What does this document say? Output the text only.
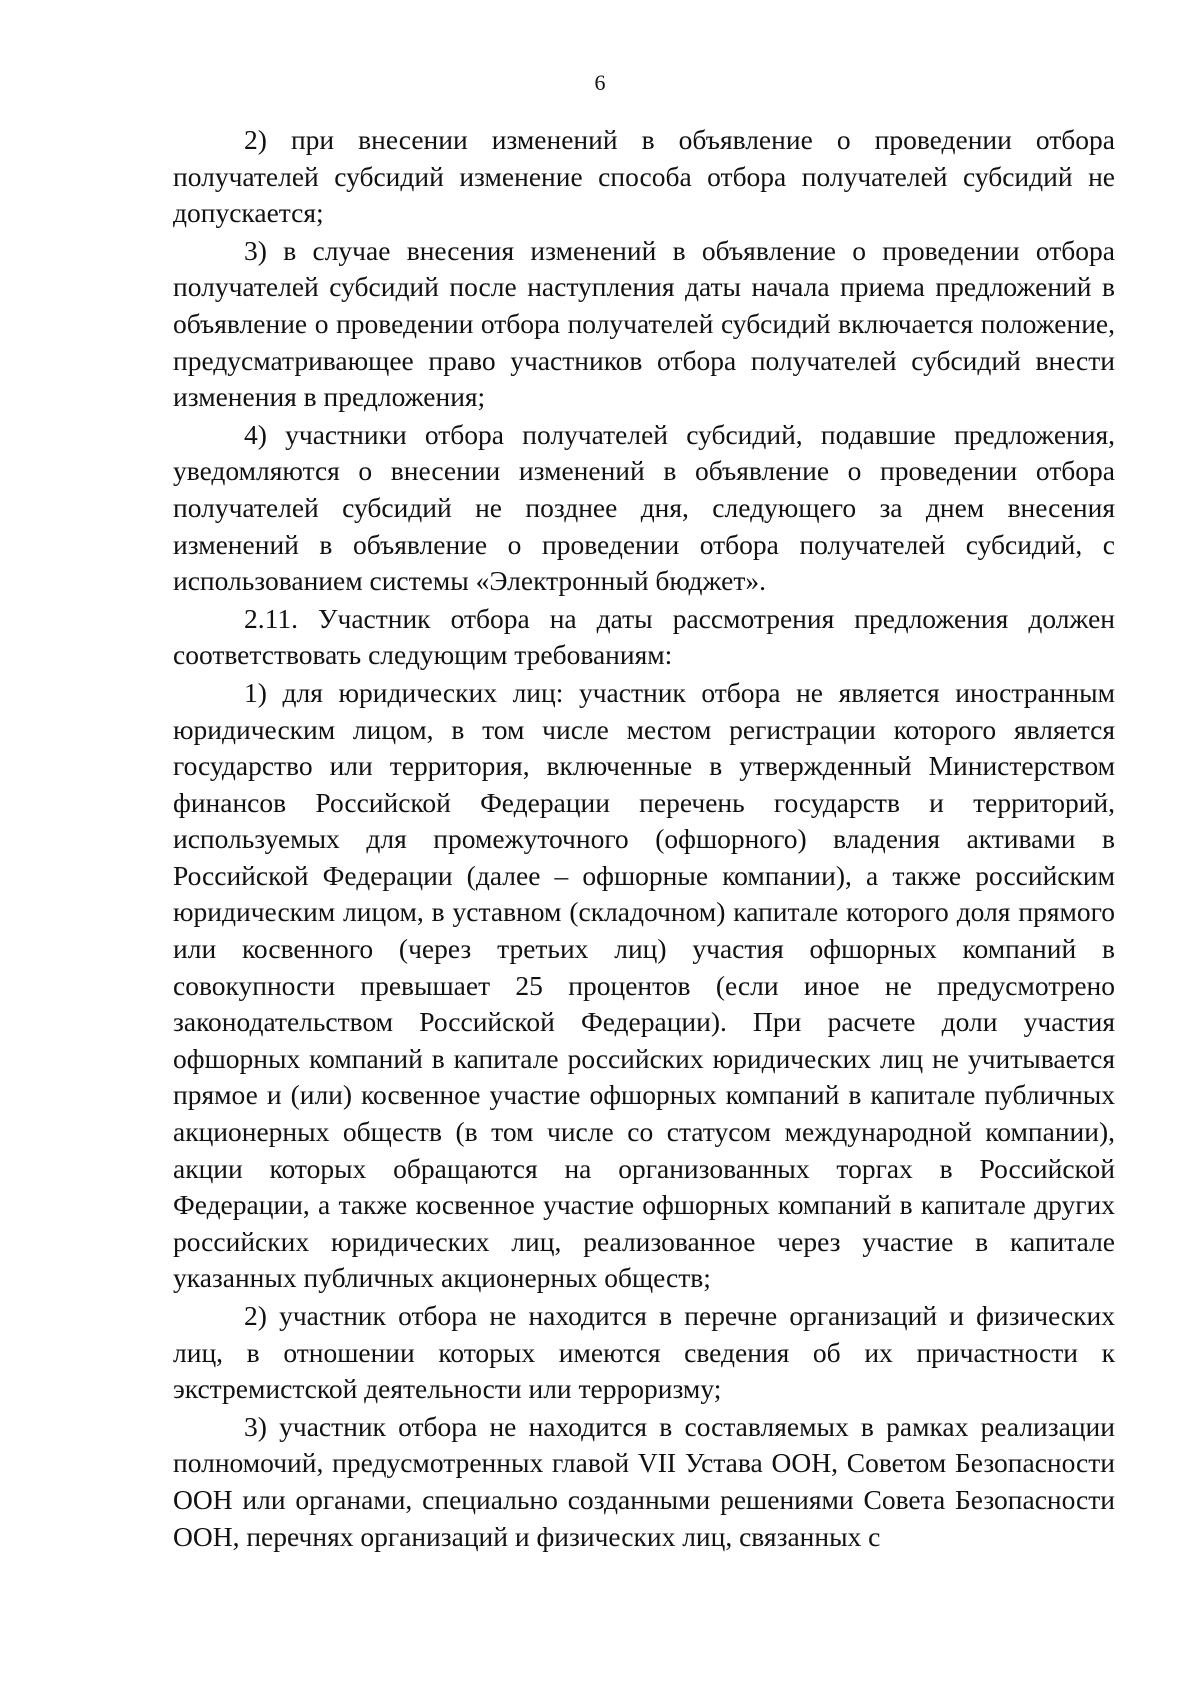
6

2) при внесении изменений в объявление о проведении отбора получателей субсидий изменение способа отбора получателей субсидий не допускается;

3) в случае внесения изменений в объявление о проведении отбора получателей субсидий после наступления даты начала приема предложений в объявление о проведении отбора получателей субсидий включается положение, предусматривающее право участников отбора получателей субсидий внести изменения в предложения;

4) участники отбора получателей субсидий, подавшие предложения, уведомляются о внесении изменений в объявление о проведении отбора получателей субсидий не позднее дня, следующего за днем внесения изменений в объявление о проведении отбора получателей субсидий, с использованием системы «Электронный бюджет».

2.11. Участник отбора на даты рассмотрения предложения должен соответствовать следующим требованиям:

1) для юридических лиц: участник отбора не является иностранным юридическим лицом, в том числе местом регистрации которого является государство или территория, включенные в утвержденный Министерством финансов Российской Федерации перечень государств и территорий, используемых для промежуточного (офшорного) владения активами в Российской Федерации (далее – офшорные компании), а также российским юридическим лицом, в уставном (складочном) капитале которого доля прямого или косвенного (через третьих лиц) участия офшорных компаний в совокупности превышает 25 процентов (если иное не предусмотрено законодательством Российской Федерации). При расчете доли участия офшорных компаний в капитале российских юридических лиц не учитывается прямое и (или) косвенное участие офшорных компаний в капитале публичных акционерных обществ (в том числе со статусом международной компании), акции которых обращаются на организованных торгах в Российской Федерации, а также косвенное участие офшорных компаний в капитале других российских юридических лиц, реализованное через участие в капитале указанных публичных акционерных обществ;

2) участник отбора не находится в перечне организаций и физических лиц, в отношении которых имеются сведения об их причастности к экстремистской деятельности или терроризму;

3) участник отбора не находится в составляемых в рамках реализации полномочий, предусмотренных главой VII Устава ООН, Советом Безопасности ООН или органами, специально созданными решениями Совета Безопасности ООН, перечнях организаций и физических лиц, связанных с
